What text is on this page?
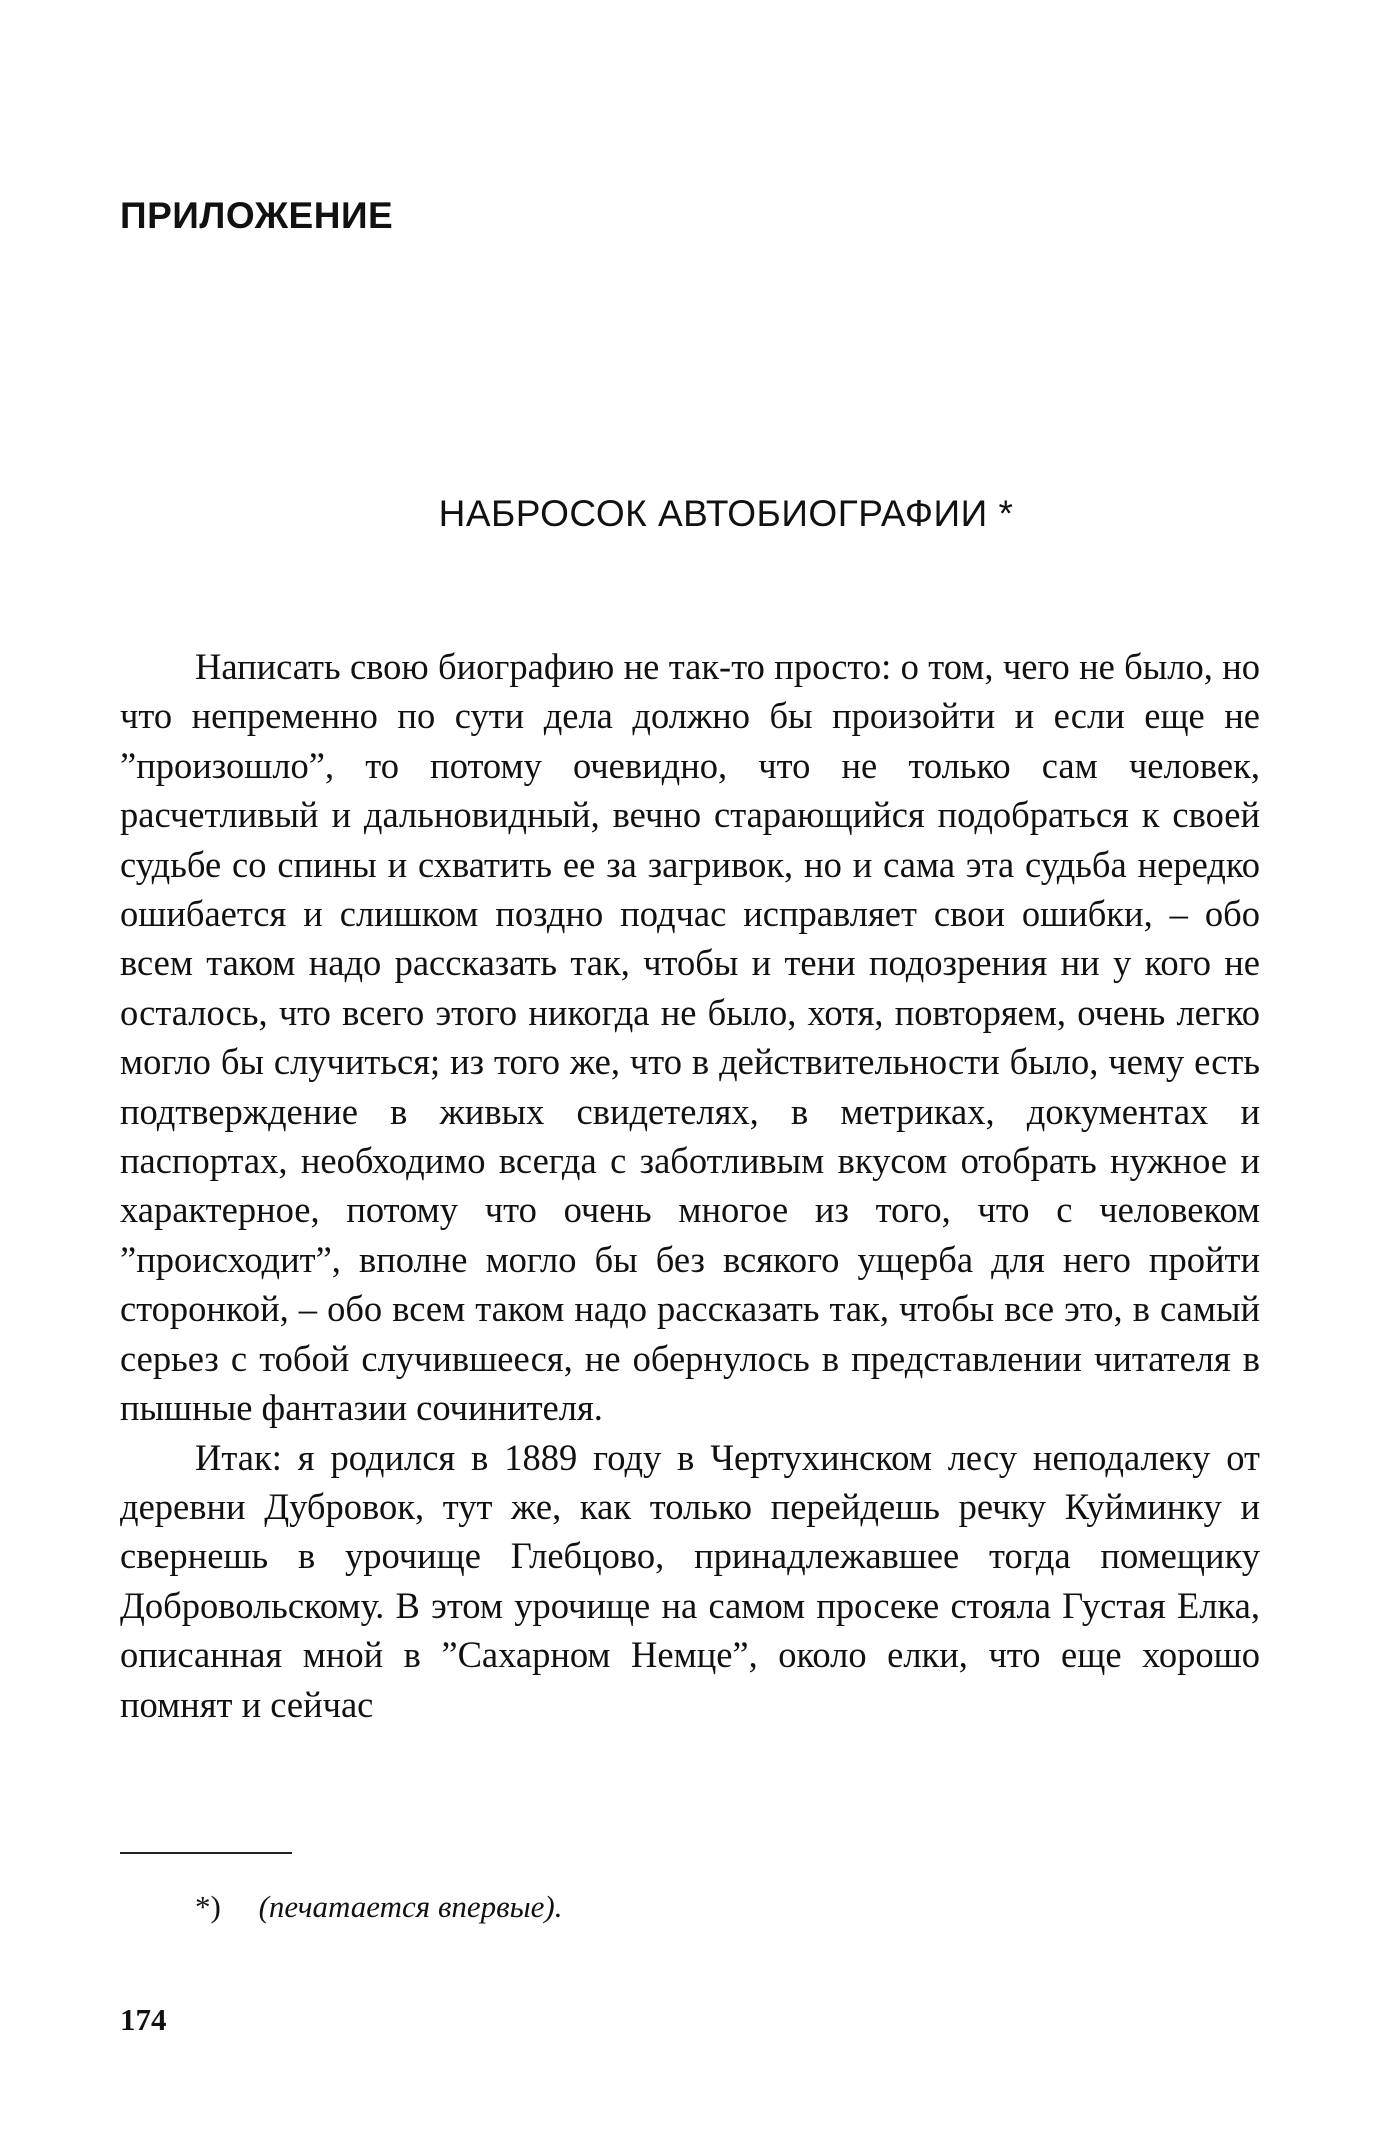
ПРИЛОЖЕНИЕ
НАБРОСОК АВТОБИОГРАФИИ *

Написать свою биографию не так-то просто: о том, чего не было, но что непременно по сути дела должно бы произойти и если еще не ”произошло”, то потому очевидно, что не только сам человек, расчетливый и дальновидный, вечно старающийся подобраться к своей судьбе со спины и схватить ее за загривок, но и сама эта судьба нередко ошибается и слишком поздно подчас исправляет свои ошибки, – обо всем таком надо рассказать так, чтобы и тени подозрения ни у кого не осталось, что всего этого никогда не было, хотя, повторяем, очень легко могло бы случиться; из того же, что в действительности было, чему есть подтверждение в живых свидетелях, в метриках, документах и паспортах, необходимо всегда с заботливым вкусом отобрать нужное и характерное, потому что очень многое из того, что с человеком ”происходит”, вполне могло бы без всякого ущерба для него пройти сторонкой, – обо всем таком надо рассказать так, чтобы все это, в самый серьез с тобой случившееся, не обернулось в представлении читателя в пышные фантазии сочинителя.

Итак: я родился в 1889 году в Чертухинском лесу неподалеку от деревни Дубровок, тут же, как только перейдешь речку Куйминку и свернешь в урочище Глебцово, принадлежавшее тогда помещику Добровольскому. В этом урочище на самом просеке стояла Густая Елка, описанная мной в ”Сахарном Немце”, около елки, что еще хорошо помнят и сейчас

*) (печатается впервые).
174
